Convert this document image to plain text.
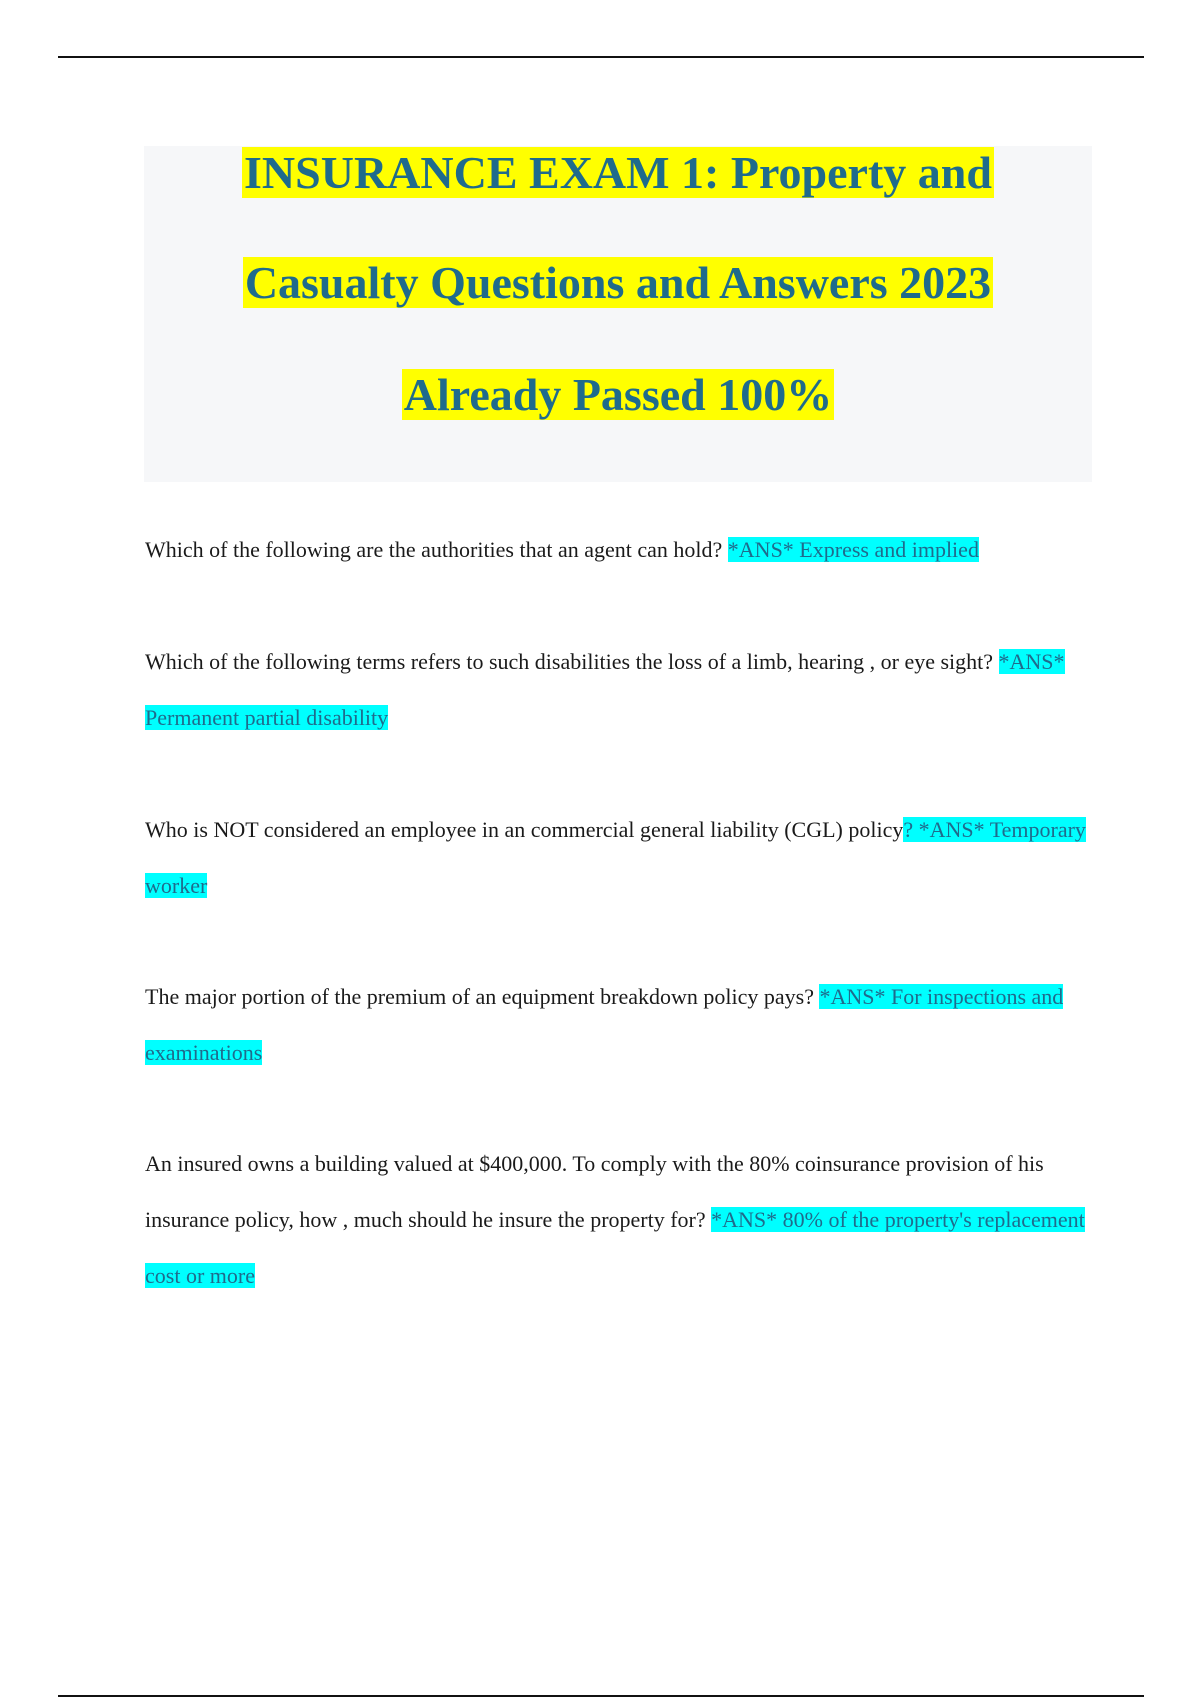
INSURANCE EXAM 1: Property and
Casualty Questions and Answers 2023
Already Passed 100%
Which of the following are the authorities that an agent can hold? *ANS* Express and implied
Which of the following terms refers to such disabilities the loss of a limb, hearing , or eye sight? *ANS* Permanent partial disability
Who is NOT considered an employee in an commercial general liability (CGL) policy? *ANS* Temporary worker
The major portion of the premium of an equipment breakdown policy pays? *ANS* For inspections and examinations
An insured owns a building valued at $400,000. To comply with the 80% coinsurance provision of his insurance policy, how , much should he insure the property for? *ANS* 80% of the property's replacement cost or more
